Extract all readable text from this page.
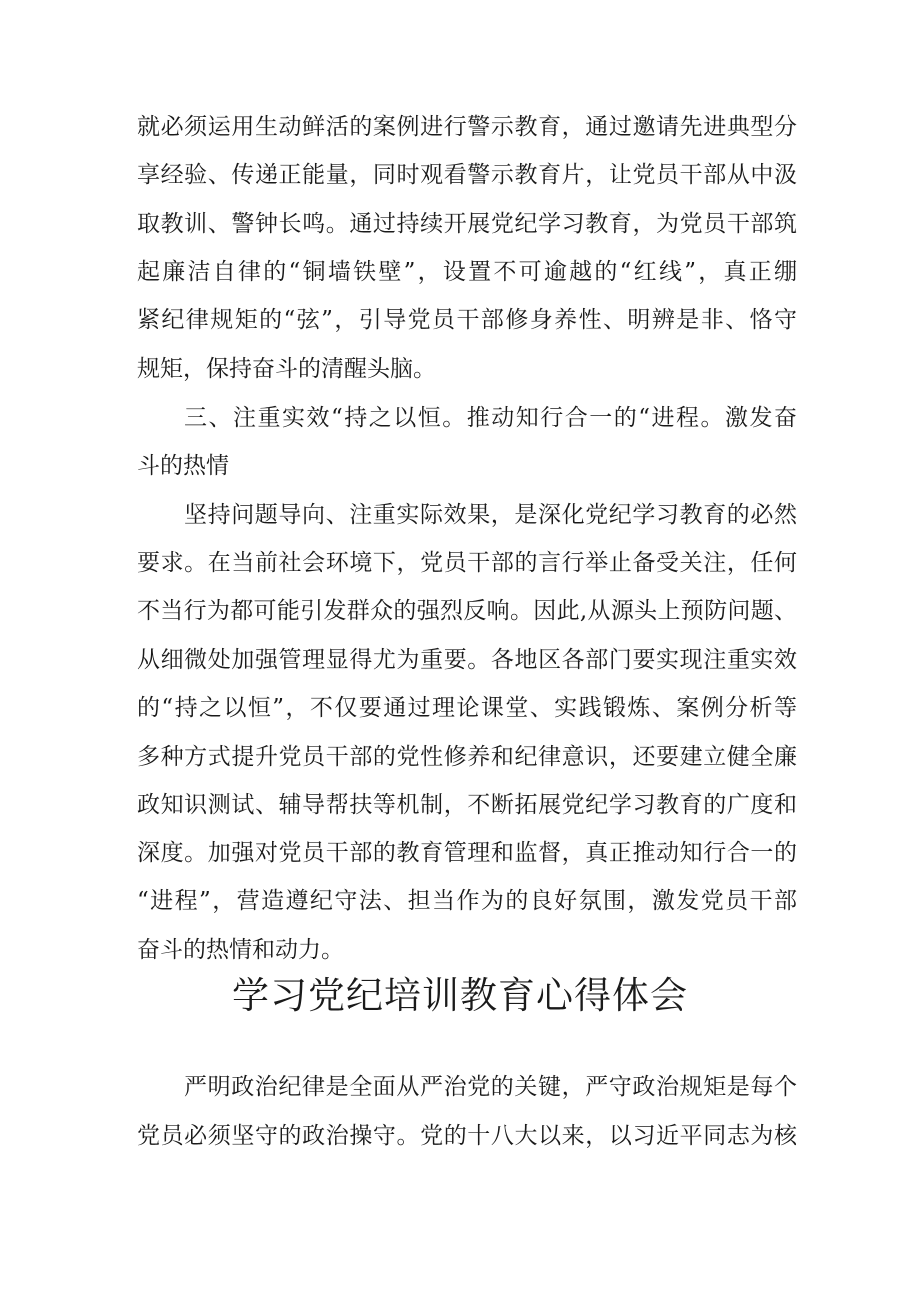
就必须运用生动鲜活的案例进行警示教育，通过邀请先进典型分
享经验、传递正能量，同时观看警示教育片，让党员干部从中汲
取教训、警钟长鸣。通过持续开展党纪学习教育，为党员干部筑
起廉洁自律的“铜墙铁壁”，设置不可逾越的“红线”，真正绷
紧纪律规矩的“弦”，引导党员干部修身养性、明辨是非、恪守
规矩，保持奋斗的清醒头脑。
三、注重实效“持之以恒。推动知行合一的“进程。激发奋
斗的热情
坚持问题导向、注重实际效果，是深化党纪学习教育的必然
要求。在当前社会环境下，党员干部的言行举止备受关注，任何
不当行为都可能引发群众的强烈反响。因此,从源头上预防问题、
从细微处加强管理显得尤为重要。各地区各部门要实现注重实效
的“持之以恒”，不仅要通过理论课堂、实践锻炼、案例分析等
多种方式提升党员干部的党性修养和纪律意识，还要建立健全廉
政知识测试、辅导帮扶等机制，不断拓展党纪学习教育的广度和
深度。加强对党员干部的教育管理和监督，真正推动知行合一的
“进程”，营造遵纪守法、担当作为的良好氛围，激发党员干部
奋斗的热情和动力。
学习党纪培训教育心得体会
严明政治纪律是全面从严治党的关键，严守政治规矩是每个
党员必须坚守的政治操守。党的十八大以来，以习近平同志为核
